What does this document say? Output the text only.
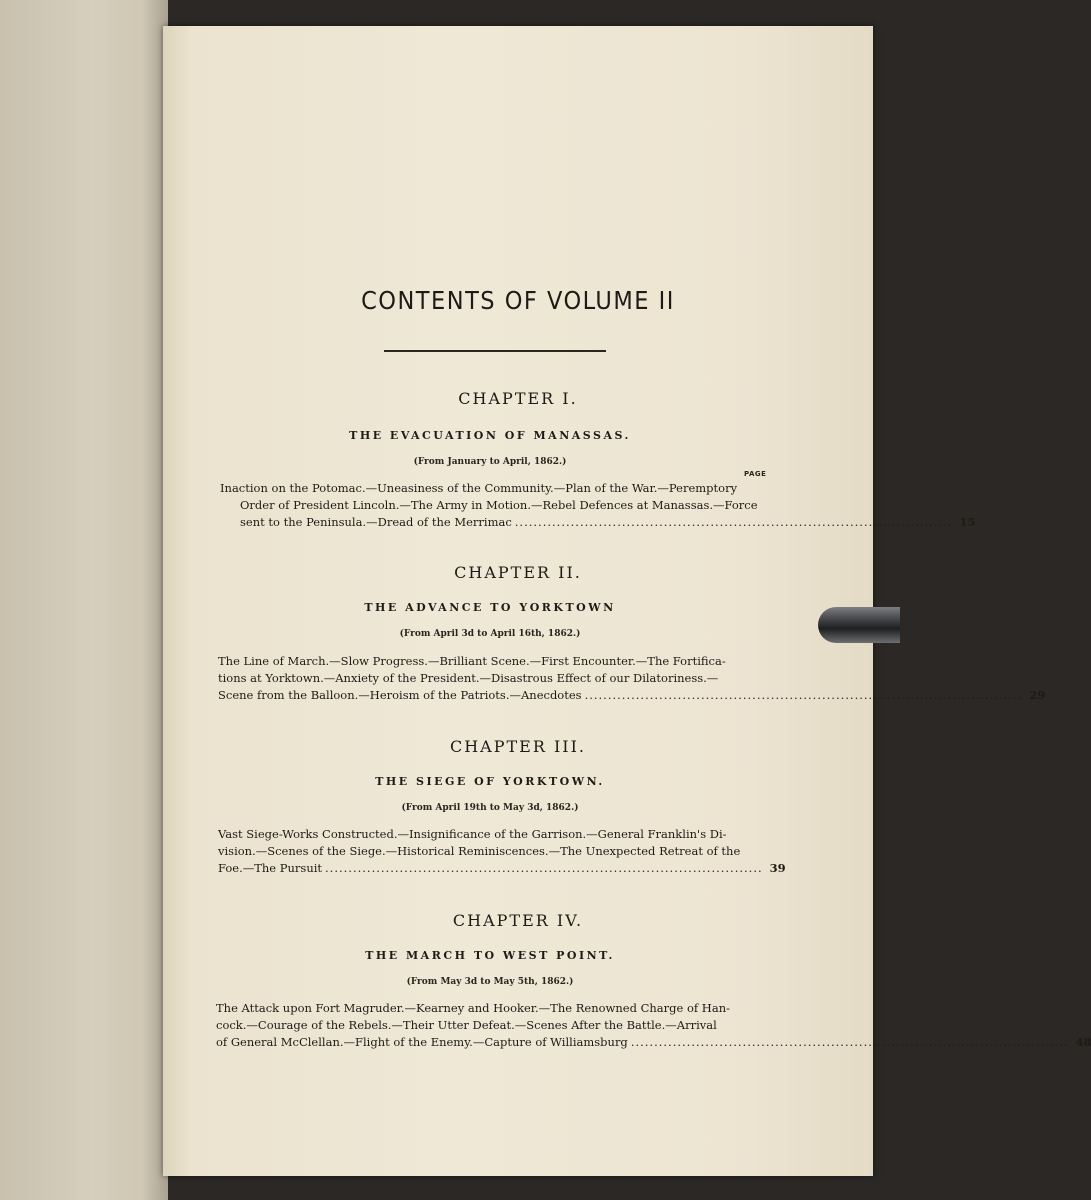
CONTENTS OF VOLUME II
PAGE
CHAPTER I.
THE EVACUATION OF MANASSAS.
(From January to April, 1862.)
Inaction on the Potomac.—Uneasiness of the Community.—Plan of the War.—Peremptory
Order of President Lincoln.—The Army in Motion.—Rebel Defences at Manassas.—Force
sent to the Peninsula.—Dread of the Merrimac .............................................................................................. 15
CHAPTER II.
THE ADVANCE TO YORKTOWN
(From April 3d to April 16th, 1862.)
The Line of March.—Slow Progress.—Brilliant Scene.—First Encounter.—The Fortifica-
tions at Yorktown.—Anxiety of the President.—Disastrous Effect of our Dilatoriness.—
Scene from the Balloon.—Heroism of the Patriots.—Anecdotes .............................................................................................. 29
CHAPTER III.
THE SIEGE OF YORKTOWN.
(From April 19th to May 3d, 1862.)
Vast Siege-Works Constructed.—Insignificance of the Garrison.—General Franklin's Di-
vision.—Scenes of the Siege.—Historical Reminiscences.—The Unexpected Retreat of the
Foe.—The Pursuit .............................................................................................. 39
CHAPTER IV.
THE MARCH TO WEST POINT.
(From May 3d to May 5th, 1862.)
The Attack upon Fort Magruder.—Kearney and Hooker.—The Renowned Charge of Han-
cock.—Courage of the Rebels.—Their Utter Defeat.—Scenes After the Battle.—Arrival
of General McClellan.—Flight of the Enemy.—Capture of Williamsburg .............................................................................................. 48
